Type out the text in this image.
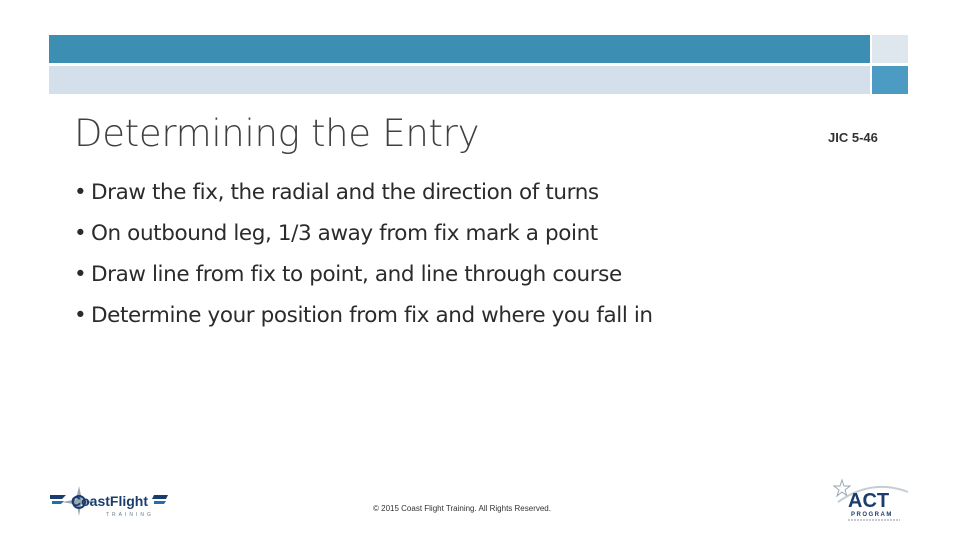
Determining the Entry	JIC 5-46
• Draw the fix, the radial and the direction of turns
• On outbound leg, 1/3 away from fix mark a point
• Draw line from fix to point, and line through course
• Determine your position from fix and where you fall in
CoastFlight
TRAINING
© 2015 Coast Flight Training. All Rights Reserved.	ACT
PROGRAM
